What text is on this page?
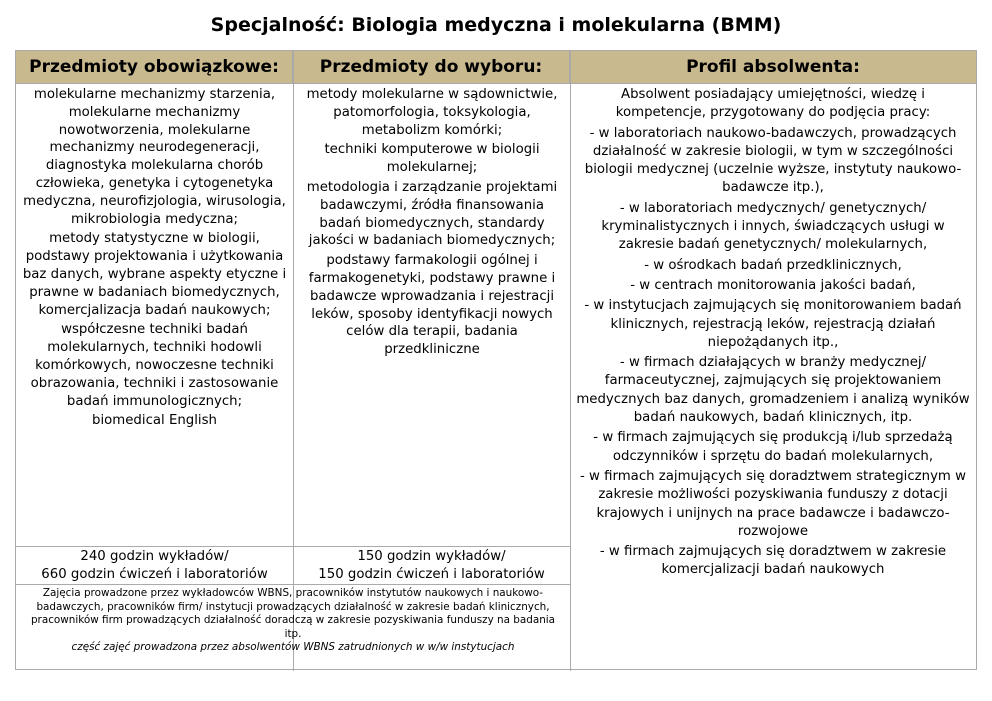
Specjalność: Biologia medyczna i molekularna (BMM)
Przedmioty obowiązkowe:	Przedmioty do wyboru:	Profil absolwenta:
molekularne mechanizmy starzenia, molekularne mechanizmy nowotworzenia, molekularne mechanizmy neurodegeneracji, diagnostyka molekularna chorób człowieka, genetyka i cytogenetyka medyczna, neurofizjologia, wirusologia, mikrobiologia medyczna;
metody statystyczne w biologii, podstawy projektowania i użytkowania baz danych, wybrane aspekty etyczne i prawne w badaniach biomedycznych, komercjalizacja badań naukowych;
współczesne techniki badań molekularnych, techniki hodowli komórkowych, nowoczesne techniki obrazowania, techniki i zastosowanie badań immunologicznych;
biomedical English
metody molekularne w sądownictwie, patomorfologia, toksykologia, metabolizm komórki;
techniki komputerowe w biologii molekularnej;
metodologia i zarządzanie projektami badawczymi, źródła finansowania badań biomedycznych, standardy jakości w badaniach biomedycznych;
podstawy farmakologii ogólnej i farmakogenetyki, podstawy prawne i badawcze wprowadzania i rejestracji leków, sposoby identyfikacji nowych celów dla terapii, badania przedkliniczne
Absolwent posiadający umiejętności, wiedzę i kompetencje, przygotowany do podjęcia pracy:
- w laboratoriach naukowo-badawczych, prowadzących działalność w zakresie biologii, w tym w szczególności biologii medycznej (uczelnie wyższe, instytuty naukowo-badawcze itp.),
- w laboratoriach medycznych/ genetycznych/ kryminalistycznych i innych, świadczących usługi w zakresie badań genetycznych/ molekularnych,
- w ośrodkach badań przedklinicznych,
- w centrach monitorowania jakości badań,
- w instytucjach zajmujących się monitorowaniem badań klinicznych, rejestracją leków, rejestracją działań niepożądanych itp.,
- w firmach działających w branży medycznej/ farmaceutycznej, zajmujących się projektowaniem medycznych baz danych, gromadzeniem i analizą wyników badań naukowych, badań klinicznych, itp.
- w firmach zajmujących się produkcją i/lub sprzedażą odczynników i sprzętu do badań molekularnych,
- w firmach zajmujących się doradztwem strategicznym w zakresie możliwości pozyskiwania funduszy z dotacji krajowych i unijnych na prace badawcze i badawczo-rozwojowe
- w firmach zajmujących się doradztwem w zakresie komercjalizacji badań naukowych
240 godzin wykładów/
660 godzin ćwiczeń i laboratoriów
150 godzin wykładów/
150 godzin ćwiczeń i laboratoriów
Zajęcia prowadzone przez wykładowców WBNS, pracowników instytutów naukowych i naukowo-badawczych, pracowników firm/ instytucji prowadzących działalność w zakresie badań klinicznych, pracowników firm prowadzących działalność doradczą w zakresie pozyskiwania funduszy na badania itp.
część zajęć prowadzona przez absolwentów WBNS zatrudnionych w w/w instytucjach
